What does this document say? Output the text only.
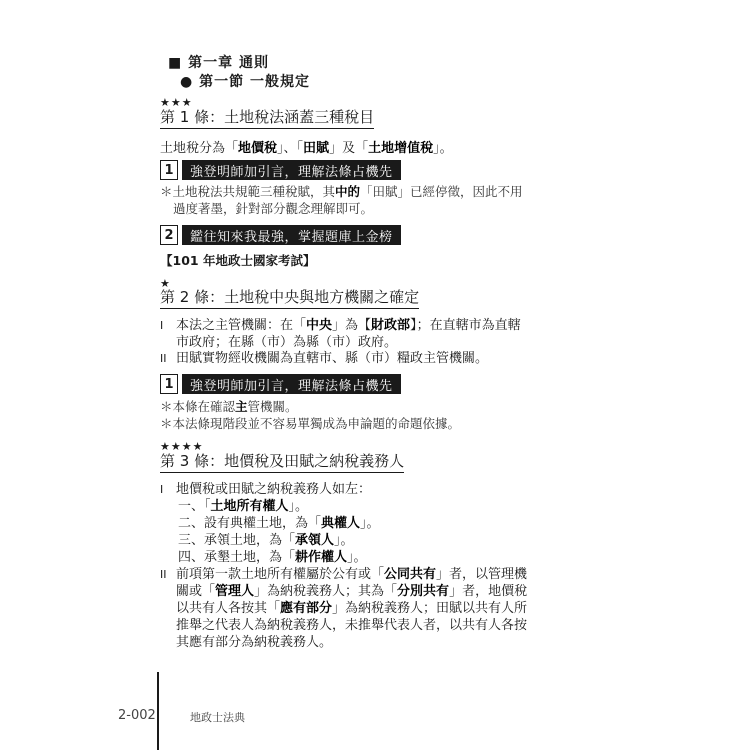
■ 第一章 通則
● 第一節 一般規定
★★★
第 1 條：土地稅法涵蓋三種稅目
土地稅分為「地價稅」、「田賦」及「土地增值稅」。
1	強登明師加引言，理解法條占機先
＊土地稅法共規範三種稅賦，其中的「田賦」已經停徵，因此不用
過度著墨，針對部分觀念理解即可。
2	鑑往知來我最強，掌握題庫上金榜
【101 年地政士國家考試】
★
第 2 條：土地稅中央與地方機關之確定
I 本法之主管機關：在「中央」為【財政部】；在直轄市為直轄
市政府；在縣（市）為縣（市）政府。
II 田賦實物經收機關為直轄市、縣（市）糧政主管機關。
1	強登明師加引言，理解法條占機先
＊本條在確認主管機關。
＊本法條現階段並不容易單獨成為申論題的命題依據。
★★★★
第 3 條：地價稅及田賦之納稅義務人
I 地價稅或田賦之納稅義務人如左：
一、「土地所有權人」。
二、設有典權土地，為「典權人」。
三、承領土地，為「承領人」。
四、承墾土地，為「耕作權人」。
II 前項第一款土地所有權屬於公有或「公同共有」者，以管理機
關或「管理人」為納稅義務人；其為「分別共有」者，地價稅
以共有人各按其「應有部分」為納稅義務人；田賦以共有人所
推舉之代表人為納稅義務人，未推舉代表人者，以共有人各按
其應有部分為納稅義務人。
2-002	地政士法典
